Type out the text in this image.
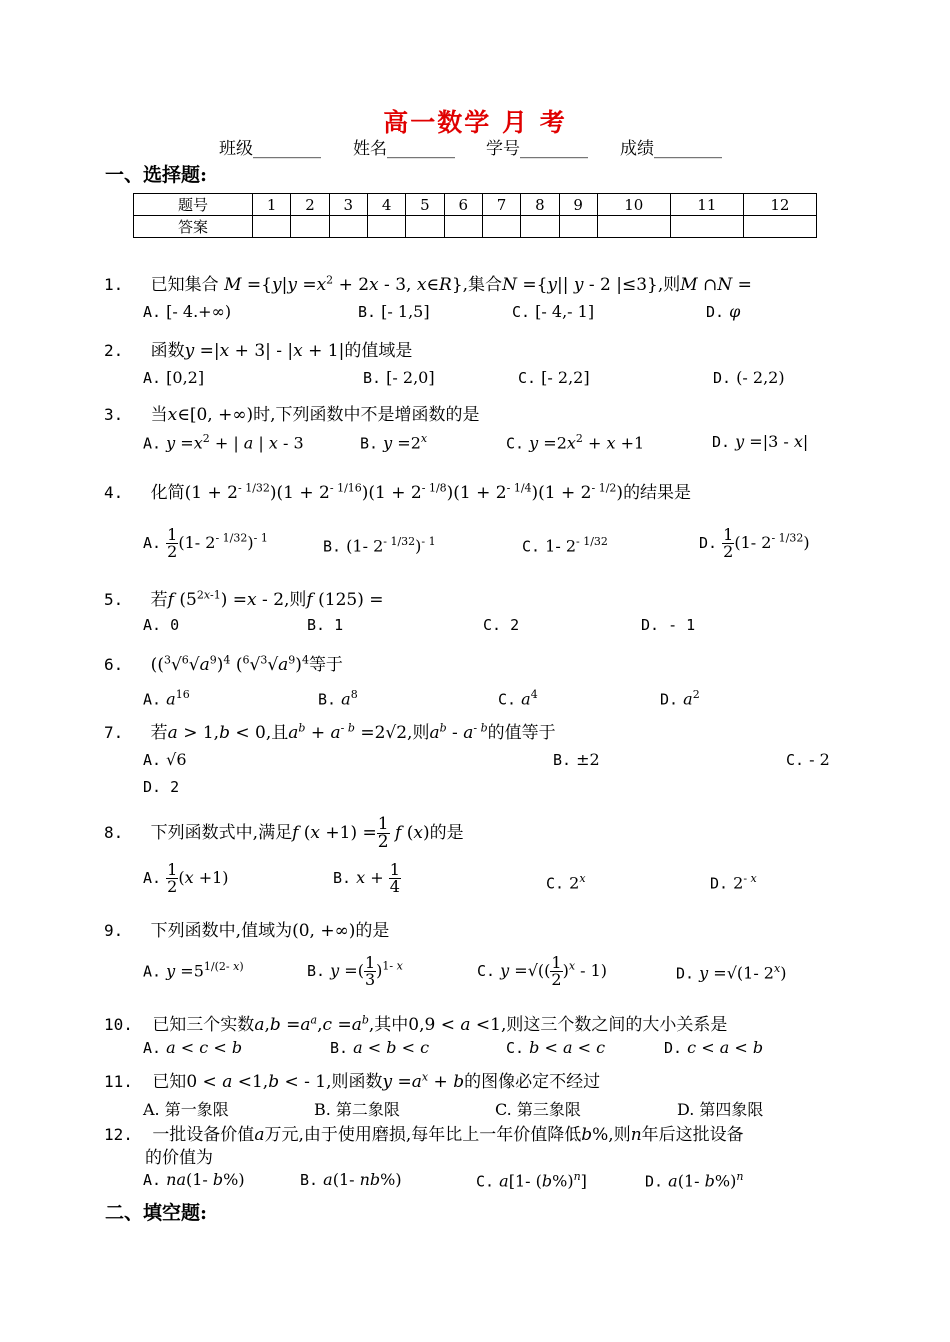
高一数学 月 考
班级________ 姓名________ 学号________ 成绩________
一、选择题:
题号	1	2	3	4	5	6	7	8	9	10	11	12
答案												
1. 已知集合 $M =\{y|y =x^2 + 2x - 3$, x∈R},集合N ={y|| y - 2 |≤3},则M ∩N =
A. [- 4.+∞)	B. [- 1,5]	C. [- 4,- 1]	D. φ
2. 函数y =|x + 3| - |x + 1|的值域是
A. [0,2]	B. [- 2,0]	C. [- 2,2]	D. (- 2,2)
3. 当x∈[0, +∞)时,下列函数中不是增函数的是
A. $y =x^2$ + | a | x - 3	B. $y =2^x$	C. $y =2x^2 + x +1$	D. y =|3 - x|
4. 化简$(1 + 2^{- 1/32})(1 + 2^{- 1/16})(1 + 2^{- 1/8})(1 + 2^{- 1/4})(1 + 2^{- 1/2})$的结果是
A. $\frac{1}{2} (1-$ $2^{- 1/32})^{- 1}$	B. (1- $2^{- 1/32})^{- 1}$	C. 1- $2^{- 1/32}$	D. $\frac{1}{2} (1-$ $2^{- 1/32}$)
5. 若f $(5^{2x-1}) =x - 2$,则f (125) =
A. 0	B. 1	C. 2	D. - 1
6. ($(^3√^6√a^9)^4$ $(^6√^3√a^9)^4$等于
A. $a^{16}$	B. $a^8$	C. $a^4$	D. $a^2$
7. 若a > 1,b < 0,且$a^b + a^{- b} =2√2$,则$a^b - a^{- b}$的值等于
A. √6	B. ±2	C. - 2
D. 2
8. 下列函数式中,满足f $(x +1) = \frac{1}{2}$ f (x)的是
A. $\frac{1}{2} (x +1)$	B. $x + \frac{1}{4}$	C. 2$^x$	D. $2^{- x}$
9. 下列函数中,值域为(0, +∞)的是
A. $y =5^{1/(2- x)}$	B. y =( $\frac{1}{3} )^{1- x}$	C. y =√(( $\frac{1}{2} )^x - 1$)	D. y =√(1- 2$^x$)
10. 已知三个实数$a,b =a^a,c =a^b$,其中0,9 < a <1,则这三个数之间的大小关系是
A. a < c < b	B. a < b < c	C. b < a < c	D. c < a < b
11. 已知0 < a <1,b < - 1,则函数$y =a^x + b$的图像必定不经过
A. 第一象限	B. 第二象限	C. 第三象限	D. 第四象限
12. 一批设备价值a万元,由于使用磨损,每年比上一年价值降低b%,则n年后这批设备
的价值为
A. na(1- b%)	B. a(1- nb%)	C. a[1- $(b\%)^n$]	D. a(1- b%)$^n$
二、填空题:
